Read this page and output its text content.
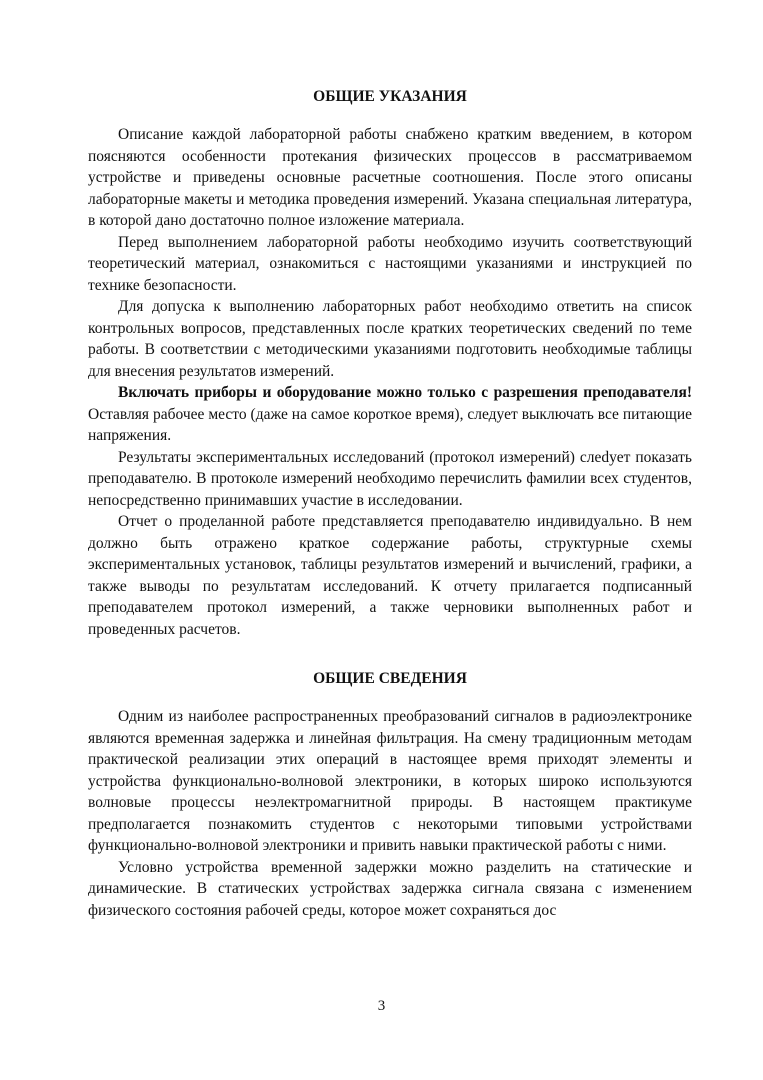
ОБЩИЕ УКАЗАНИЯ

Описание каждой лабораторной работы снабжено кратким введением, в котором поясняются особенности протекания физических процессов в рассматриваемом устройстве и приведены основные расчетные соотношения. После этого описаны лабораторные макеты и методика проведения измерений. Указана специальная литература, в которой дано достаточно полное изложение материала.

Перед выполнением лабораторной работы необходимо изучить соответствующий теоретический материал, ознакомиться с настоящими указаниями и инструкцией по технике безопасности.

Для допуска к выполнению лабораторных работ необходимо ответить на список контрольных вопросов, представленных после кратких теоретических сведений по теме работы. В соответствии с методическими указаниями подготовить необходимые таблицы для внесения результатов измерений.

Включать приборы и оборудование можно только с разрешения преподавателя! Оставляя рабочее место (даже на самое короткое время), следует выключать все питающие напряжения.

Результаты экспериментальных исследований (протокол измерений) слеdует показать преподавателю. В протоколе измерений необходимо перечислить фамилии всех студентов, непосредственно принимавших участие в исследовании.

Отчет о проделанной работе представляется преподавателю индивидуально. В нем должно быть отражено краткое содержание работы, структурные схемы экспериментальных установок, таблицы результатов измерений и вычислений, графики, а также выводы по результатам исследований. К отчету прилагается подписанный преподавателем протокол измерений, а также черновики выполненных работ и проведенных расчетов.

ОБЩИЕ СВЕДЕНИЯ

Одним из наиболее распространенных преобразований сигналов в радиоэлектронике являются временная задержка и линейная фильтрация. На смену традиционным методам практической реализации этих операций в настоящее время приходят элементы и устройства функционально-волновой электроники, в которых широко используются волновые процессы неэлектромагнитной природы. В настоящем практикуме предполагается познакомить студентов с некоторыми типовыми устройствами функционально-волновой электроники и привить навыки практической работы с ними.

Условно устройства временной задержки можно разделить на статические и динамические. В статических устройствах задержка сигнала связана с изменением физического состояния рабочей среды, которое может сохраняться дос

3
